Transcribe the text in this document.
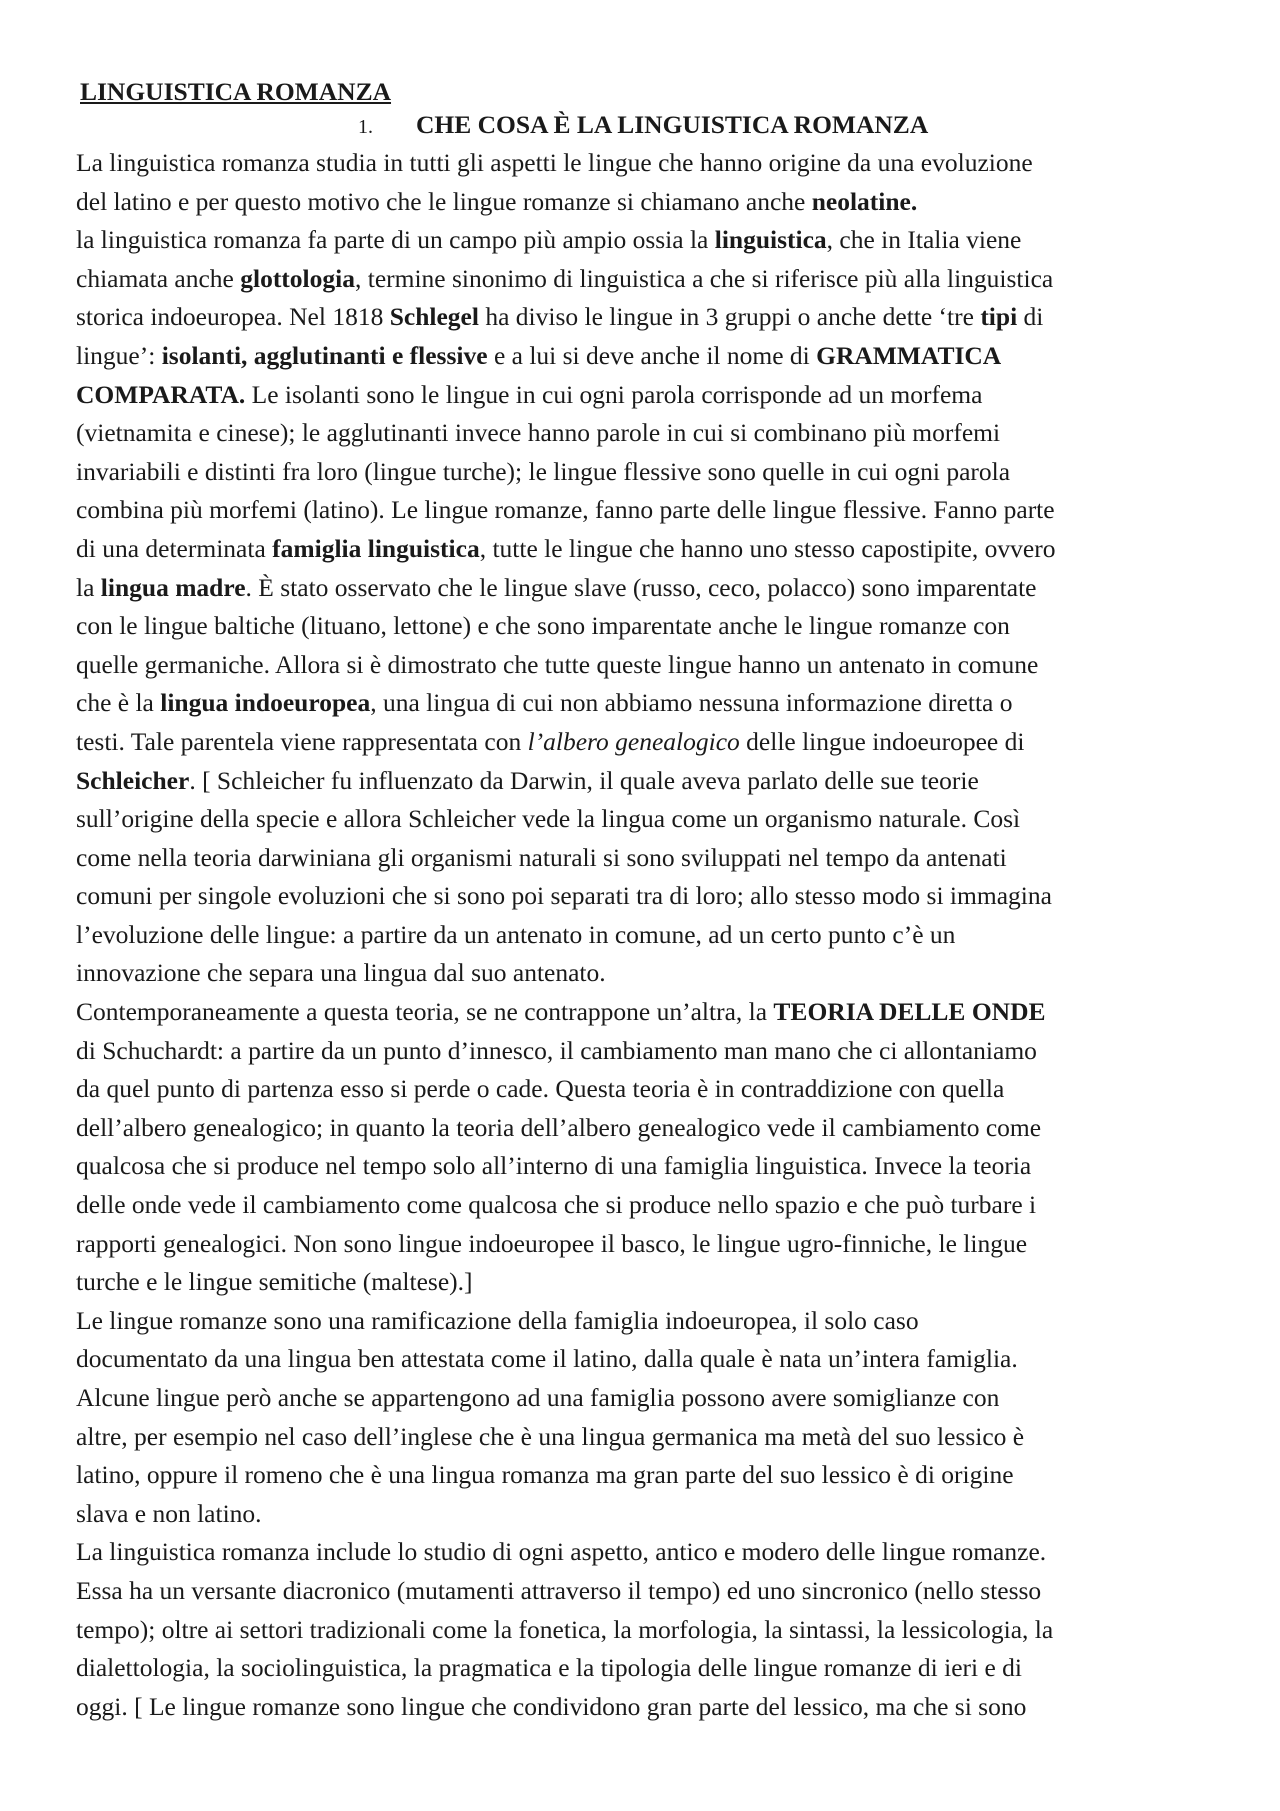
LINGUISTICA ROMANZA
1. CHE COSA È LA LINGUISTICA ROMANZA

La linguistica romanza studia in tutti gli aspetti le lingue che hanno origine da una evoluzione
del latino e per questo motivo che le lingue romanze si chiamano anche neolatine.

la linguistica romanza fa parte di un campo più ampio ossia la linguistica, che in Italia viene
chiamata anche glottologia, termine sinonimo di linguistica a che si riferisce più alla linguistica
storica indoeuropea. Nel 1818 Schlegel ha diviso le lingue in 3 gruppi o anche dette ‘tre tipi di
lingue’: isolanti, agglutinanti e flessive e a lui si deve anche il nome di GRAMMATICA
COMPARATA. Le isolanti sono le lingue in cui ogni parola corrisponde ad un morfema
(vietnamita e cinese); le agglutinanti invece hanno parole in cui si combinano più morfemi
invariabili e distinti fra loro (lingue turche); le lingue flessive sono quelle in cui ogni parola
combina più morfemi (latino). Le lingue romanze, fanno parte delle lingue flessive. Fanno parte
di una determinata famiglia linguistica, tutte le lingue che hanno uno stesso capostipite, ovvero
la lingua madre. È stato osservato che le lingue slave (russo, ceco, polacco) sono imparentate
con le lingue baltiche (lituano, lettone) e che sono imparentate anche le lingue romanze con
quelle germaniche. Allora si è dimostrato che tutte queste lingue hanno un antenato in comune
che è la lingua indoeuropea, una lingua di cui non abbiamo nessuna informazione diretta o
testi. Tale parentela viene rappresentata con l’albero genealogico delle lingue indoeuropee di
Schleicher. [ Schleicher fu influenzato da Darwin, il quale aveva parlato delle sue teorie
sull’origine della specie e allora Schleicher vede la lingua come un organismo naturale. Così
come nella teoria darwiniana gli organismi naturali si sono sviluppati nel tempo da antenati
comuni per singole evoluzioni che si sono poi separati tra di loro; allo stesso modo si immagina
l’evoluzione delle lingue: a partire da un antenato in comune, ad un certo punto c’è un
innovazione che separa una lingua dal suo antenato.

Contemporaneamente a questa teoria, se ne contrappone un’altra, la TEORIA DELLE ONDE
di Schuchardt: a partire da un punto d’innesco, il cambiamento man mano che ci allontaniamo
da quel punto di partenza esso si perde o cade. Questa teoria è in contraddizione con quella
dell’albero genealogico; in quanto la teoria dell’albero genealogico vede il cambiamento come
qualcosa che si produce nel tempo solo all’interno di una famiglia linguistica. Invece la teoria
delle onde vede il cambiamento come qualcosa che si produce nello spazio e che può turbare i
rapporti genealogici. Non sono lingue indoeuropee il basco, le lingue ugro-finniche, le lingue
turche e le lingue semitiche (maltese).]

Le lingue romanze sono una ramificazione della famiglia indoeuropea, il solo caso
documentato da una lingua ben attestata come il latino, dalla quale è nata un’intera famiglia.
Alcune lingue però anche se appartengono ad una famiglia possono avere somiglianze con
altre, per esempio nel caso dell’inglese che è una lingua germanica ma metà del suo lessico è
latino, oppure il romeno che è una lingua romanza ma gran parte del suo lessico è di origine
slava e non latino.

La linguistica romanza include lo studio di ogni aspetto, antico e modero delle lingue romanze.
Essa ha un versante diacronico (mutamenti attraverso il tempo) ed uno sincronico (nello stesso
tempo); oltre ai settori tradizionali come la fonetica, la morfologia, la sintassi, la lessicologia, la
dialettologia, la sociolinguistica, la pragmatica e la tipologia delle lingue romanze di ieri e di
oggi. [ Le lingue romanze sono lingue che condividono gran parte del lessico, ma che si sono
